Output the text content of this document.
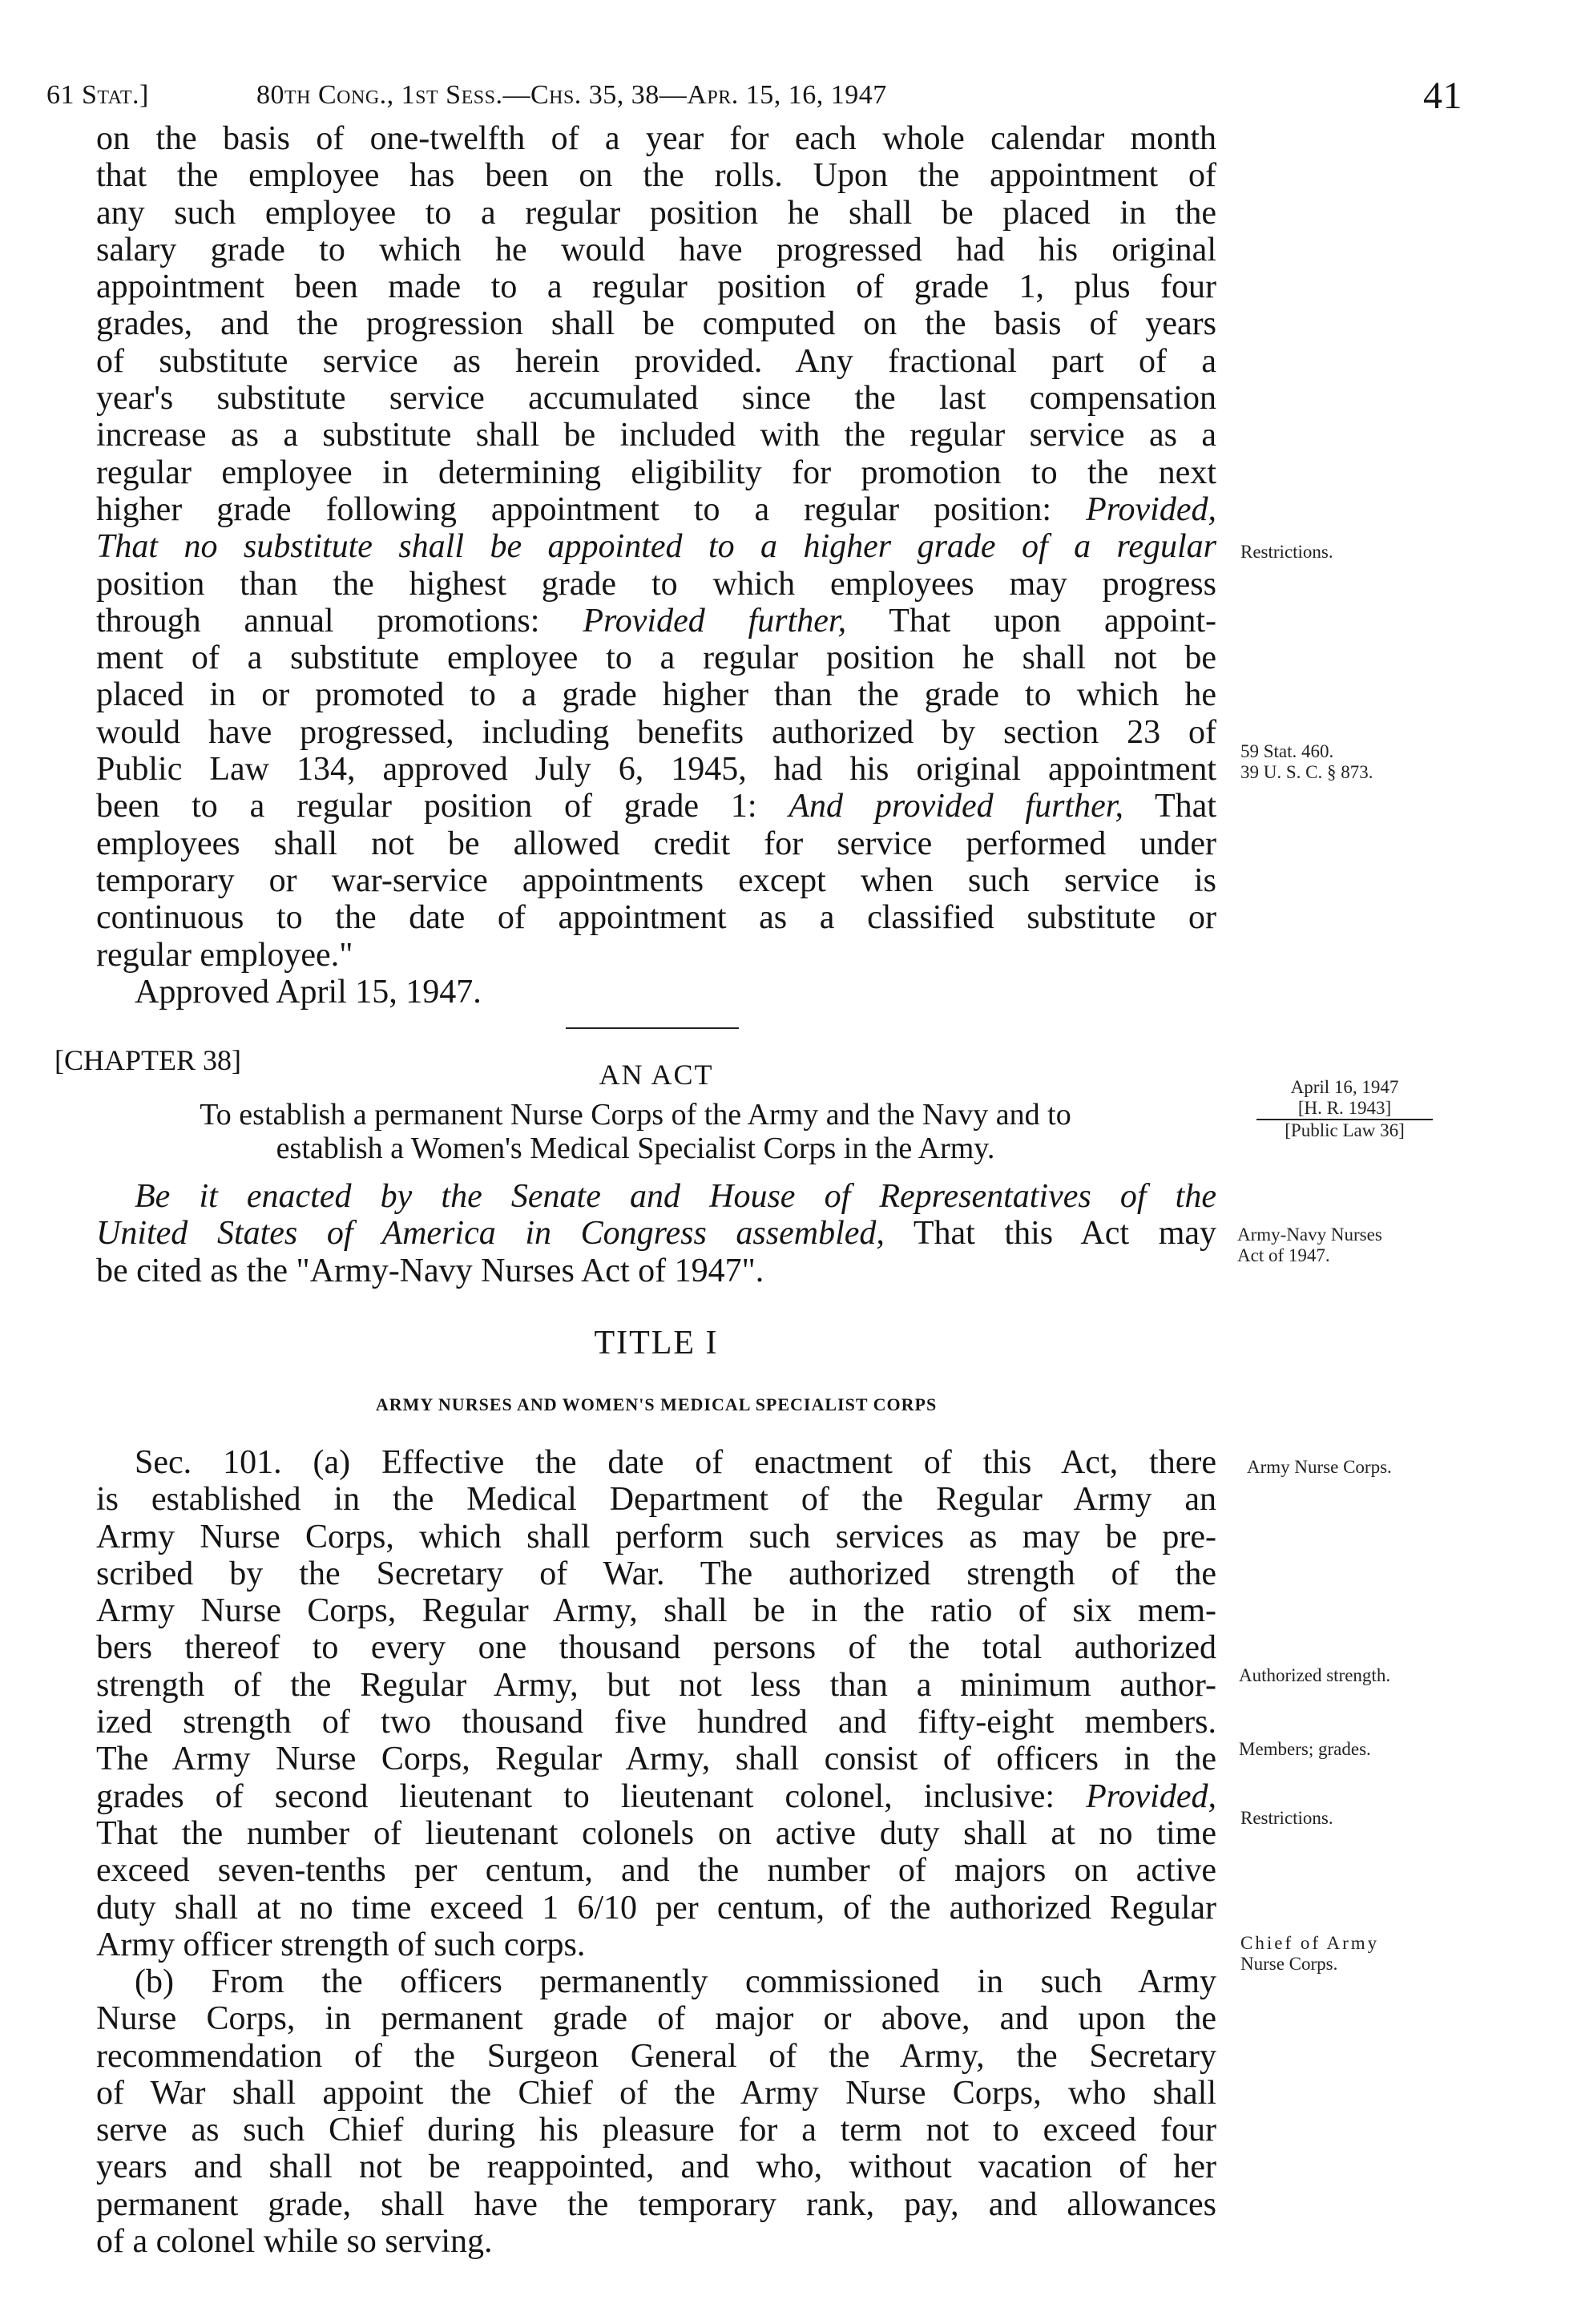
61 Stat.]	80th Cong., 1st Sess.—Chs. 35, 38—Apr. 15, 16, 1947	41
on the basis of one-twelfth of a year for each whole calendar month
that the employee has been on the rolls. Upon the appointment of
any such employee to a regular position he shall be placed in the
salary grade to which he would have progressed had his original
appointment been made to a regular position of grade 1, plus four
grades, and the progression shall be computed on the basis of years
of substitute service as herein provided. Any fractional part of a
year's substitute service accumulated since the last compensation
increase as a substitute shall be included with the regular service as a
regular employee in determining eligibility for promotion to the next
higher grade following appointment to a regular position: Provided,
That no substitute shall be appointed to a higher grade of a regular
position than the highest grade to which employees may progress
through annual promotions: Provided further, That upon appoint-
ment of a substitute employee to a regular position he shall not be
placed in or promoted to a grade higher than the grade to which he
would have progressed, including benefits authorized by section 23 of
Public Law 134, approved July 6, 1945, had his original appointment
been to a regular position of grade 1: And provided further, That
employees shall not be allowed credit for service performed under
temporary or war-service appointments except when such service is
continuous to the date of appointment as a classified substitute or
regular employee."
Approved April 15, 1947.
[CHAPTER 38]	AN ACT
To establish a permanent Nurse Corps of the Army and the Navy and to
establish a Women's Medical Specialist Corps in the Army.
Be it enacted by the Senate and House of Representatives of the
United States of America in Congress assembled, That this Act may
be cited as the "Army-Navy Nurses Act of 1947".
TITLE I
ARMY NURSES AND WOMEN'S MEDICAL SPECIALIST CORPS
Sec. 101. (a) Effective the date of enactment of this Act, there
is established in the Medical Department of the Regular Army an
Army Nurse Corps, which shall perform such services as may be pre-
scribed by the Secretary of War. The authorized strength of the
Army Nurse Corps, Regular Army, shall be in the ratio of six mem-
bers thereof to every one thousand persons of the total authorized
strength of the Regular Army, but not less than a minimum author-
ized strength of two thousand five hundred and fifty-eight members.
The Army Nurse Corps, Regular Army, shall consist of officers in the
grades of second lieutenant to lieutenant colonel, inclusive: Provided,
That the number of lieutenant colonels on active duty shall at no time
exceed seven-tenths per centum, and the number of majors on active
duty shall at no time exceed 1 6/10 per centum, of the authorized Regular
Army officer strength of such corps.
(b) From the officers permanently commissioned in such Army
Nurse Corps, in permanent grade of major or above, and upon the
recommendation of the Surgeon General of the Army, the Secretary
of War shall appoint the Chief of the Army Nurse Corps, who shall
serve as such Chief during his pleasure for a term not to exceed four
years and shall not be reappointed, and who, without vacation of her
permanent grade, shall have the temporary rank, pay, and allowances
of a colonel while so serving.
Restrictions.
59 Stat. 460.
39 U. S. C. § 873.
April 16, 1947
[H. R. 1943]
[Public Law 36]
Army-Navy Nurses
Act of 1947.
Army Nurse Corps.
Authorized strength.
Members; grades.
Restrictions.
Chief of Army
Nurse Corps.
